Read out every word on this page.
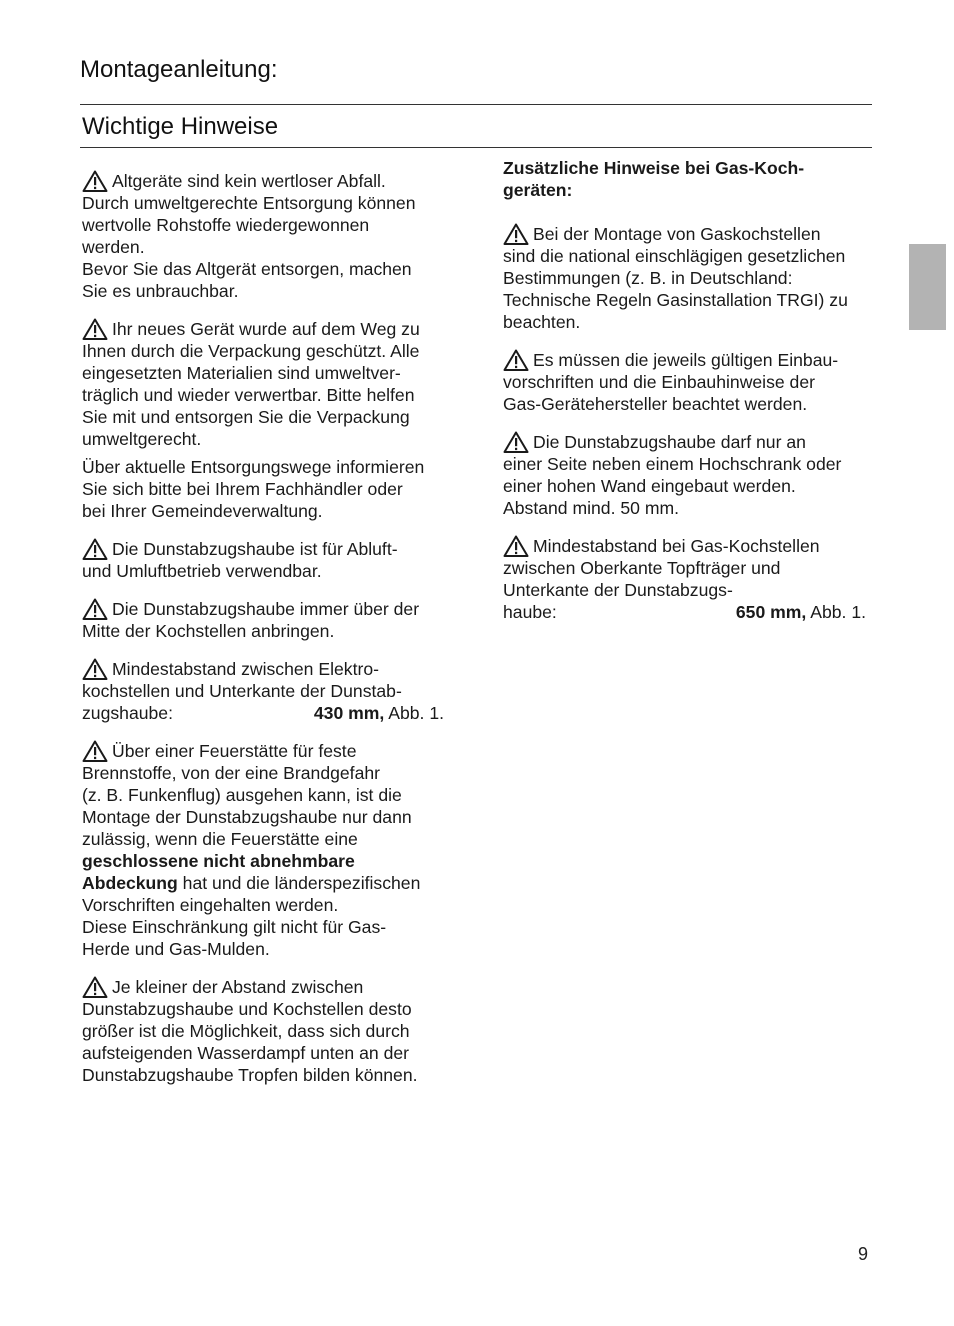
Montageanleitung:
Wichtige Hinweise
Altgeräte sind kein wertloser Abfall.
Durch umweltgerechte Entsorgung können
wertvolle Rohstoffe wiedergewonnen
werden.
Bevor Sie das Altgerät entsorgen, machen
Sie es unbrauchbar.
Ihr neues Gerät wurde auf dem Weg zu
Ihnen durch die Verpackung geschützt. Alle
eingesetzten Materialien sind umweltver-
träglich und wieder verwertbar. Bitte helfen
Sie mit und entsorgen Sie die Verpackung
umweltgerecht.
Über aktuelle Entsorgungswege informieren
Sie sich bitte bei Ihrem Fachhändler oder
bei Ihrer Gemeindeverwaltung.
Die Dunstabzugshaube ist für Abluft-
und Umluftbetrieb verwendbar.
Die Dunstabzugshaube immer über der
Mitte der Kochstellen anbringen.
Mindestabstand zwischen Elektro-
kochstellen und Unterkante der Dunstab-
zugshaube:	430 mm, Abb. 1.
Über einer Feuerstätte für feste
Brennstoffe, von der eine Brandgefahr
(z. B. Funkenflug) ausgehen kann, ist die
Montage der Dunstabzugshaube nur dann
zulässig, wenn die Feuerstätte eine
geschlossene nicht abnehmbare
Abdeckung hat und die länderspezifischen
Vorschriften eingehalten werden.
Diese Einschränkung gilt nicht für Gas-
Herde und Gas-Mulden.
Je kleiner der Abstand zwischen
Dunstabzugshaube und Kochstellen desto
größer ist die Möglichkeit, dass sich durch
aufsteigenden Wasserdampf unten an der
Dunstabzugshaube Tropfen bilden können.
Zusätzliche Hinweise bei Gas-Koch-
geräten:
Bei der Montage von Gaskochstellen
sind die national einschlägigen gesetzlichen
Bestimmungen (z. B. in Deutschland:
Technische Regeln Gasinstallation TRGI) zu
beachten.
Es müssen die jeweils gültigen Einbau-
vorschriften und die Einbauhinweise der
Gas-Gerätehersteller beachtet werden.
Die Dunstabzugshaube darf nur an
einer Seite neben einem Hochschrank oder
einer hohen Wand eingebaut werden.
Abstand mind. 50 mm.
Mindestabstand bei Gas-Kochstellen
zwischen Oberkante Topfträger und
Unterkante der Dunstabzugs-
haube:	650 mm, Abb. 1.
9
